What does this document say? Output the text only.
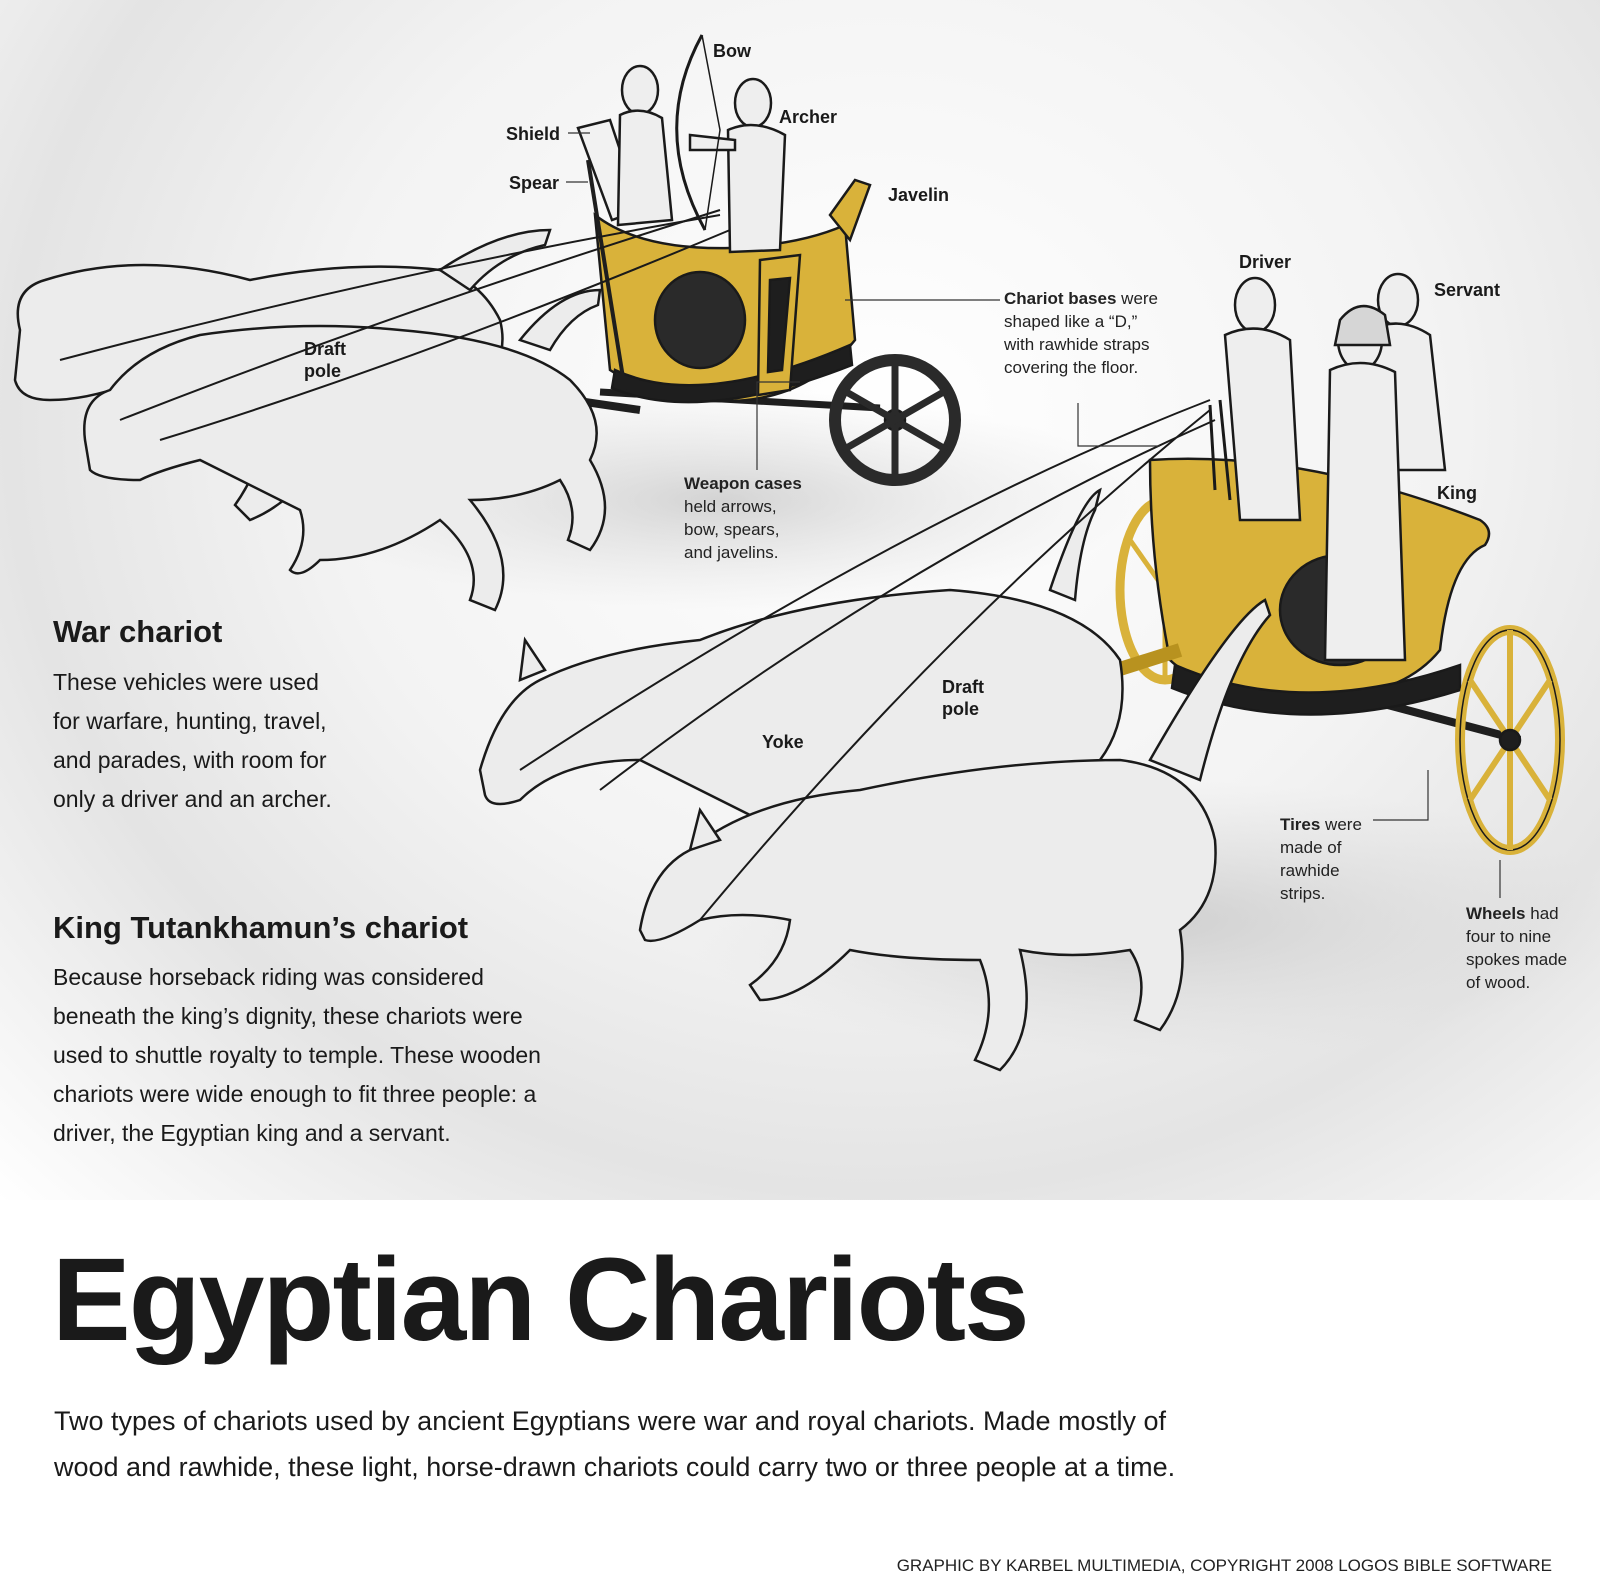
Bow
Archer
Shield
Spear
Javelin
Draft
pole
Driver
Servant
King
Draft
pole
Yoke
Chariot bases were
shaped like a “D,”
with rawhide straps
covering the floor.
Weapon cases
held arrows,
bow, spears,
and javelins.
Tires were
made of
rawhide
strips.
Wheels had
four to nine
spokes made
of wood.
War chariot

These vehicles were used
for warfare, hunting, travel,
and parades, with room for
only a driver and an archer.

King Tutankhamun’s chariot

Because horseback riding was considered
beneath the king’s dignity, these chariots were
used to shuttle royalty to temple. These wooden
chariots were wide enough to fit three people: a
driver, the Egyptian king and a servant.

Egyptian Chariots

Two types of chariots used by ancient Egyptians were war and royal chariots. Made mostly of
wood and rawhide, these light, horse-drawn chariots could carry two or three people at a time.

GRAPHIC BY KARBEL MULTIMEDIA, COPYRIGHT 2008 LOGOS BIBLE SOFTWARE
